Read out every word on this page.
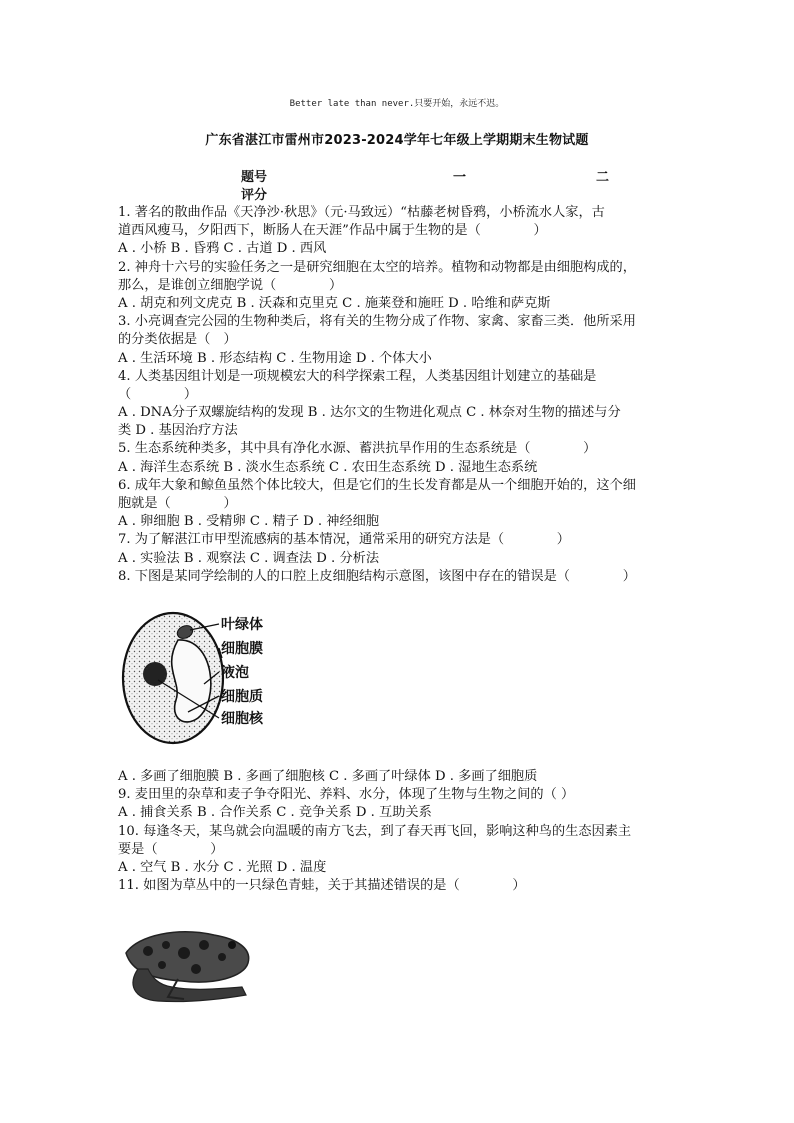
Better late than never.只要开始，永远不迟。
广东省湛江市雷州市2023-2024学年七年级上学期期末生物试题
题号	一	二
评分
1. 著名的散曲作品《天净沙·秋思》（元·马致远）“枯藤老树昏鸦，小桥流水人家，古
道西风瘦马，夕阳西下，断肠人在天涯”作品中属于生物的是（　　　　）
A . 小桥 B . 昏鸦 C . 古道 D . 西风
2. 神舟十六号的实验任务之一是研究细胞在太空的培养。植物和动物都是由细胞构成的，
那么，是谁创立细胞学说（　　　　）
A . 胡克和列文虎克 B . 沃森和克里克 C . 施莱登和施旺 D . 哈维和萨克斯
3. 小亮调查完公园的生物种类后，将有关的生物分成了作物、家禽、家畜三类．他所采用
的分类依据是（　）
A . 生活环境 B . 形态结构 C . 生物用途 D . 个体大小
4. 人类基因组计划是一项规模宏大的科学探索工程，人类基因组计划建立的基础是
（　　　　）
A . DNA分子双螺旋结构的发现 B . 达尔文的生物进化观点 C . 林奈对生物的描述与分
类 D . 基因治疗方法
5. 生态系统种类多，其中具有净化水源、蓄洪抗旱作用的生态系统是（　　　　）
A . 海洋生态系统 B . 淡水生态系统 C . 农田生态系统 D . 湿地生态系统
6. 成年大象和鲸鱼虽然个体比较大，但是它们的生长发育都是从一个细胞开始的，这个细
胞就是（　　　　）
A . 卵细胞 B . 受精卵 C . 精子 D . 神经细胞
7. 为了解湛江市甲型流感病的基本情况，通常采用的研究方法是（　　　　）
A . 实验法 B . 观察法 C . 调查法 D . 分析法
8. 下图是某同学绘制的人的口腔上皮细胞结构示意图，该图中存在的错误是（　　　　）
叶绿体
细胞膜
液泡
细胞质
细胞核
A . 多画了细胞膜 B . 多画了细胞核 C . 多画了叶绿体 D . 多画了细胞质
9. 麦田里的杂草和麦子争夺阳光、养料、水分，体现了生物与生物之间的（ ）
A . 捕食关系 B . 合作关系 C . 竞争关系 D . 互助关系
10. 每逢冬天，某鸟就会向温暖的南方飞去，到了春天再飞回，影响这种鸟的生态因素主
要是（　　　　）
A . 空气 B . 水分 C . 光照 D . 温度
11. 如图为草丛中的一只绿色青蛙，关于其描述错误的是（　　　　）
